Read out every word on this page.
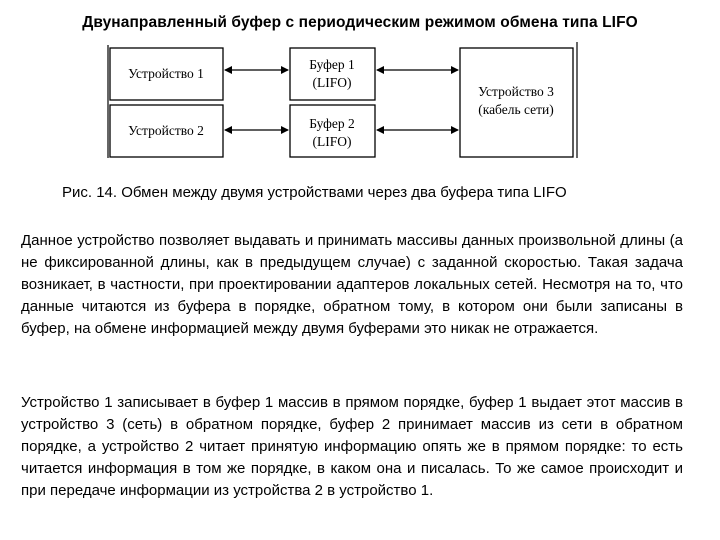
Двунаправленный буфер с периодическим режимом обмена типа LIFO
Устройство 1
Устройство 2
Буфер 1
(LIFO)
Буфер 2
(LIFO)
Устройство 3
(кабель сети)
Рис. 14. Обмен между двумя устройствами через два буфера типа LIFO
Данное устройство позволяет выдавать и принимать массивы данных произвольной длины (а не фиксированной длины, как в предыдущем случае) с заданной скоростью. Такая задача возникает, в частности, при проектировании адаптеров локальных сетей. Несмотря на то, что данные читаются из буфера в порядке, обратном тому, в котором они были записаны в буфер, на обмене информацией между двумя буферами это никак не отражается.
Устройство 1 записывает в буфер 1 массив в прямом порядке, буфер 1 выдает этот массив в устройство 3 (сеть) в обратном порядке, буфер 2 принимает массив из сети в обратном порядке, а устройство 2 читает принятую информацию опять же в прямом порядке: то есть читается информация в том же порядке, в каком она и писалась. То же самое происходит и при передаче информации из устройства 2 в устройство 1.
